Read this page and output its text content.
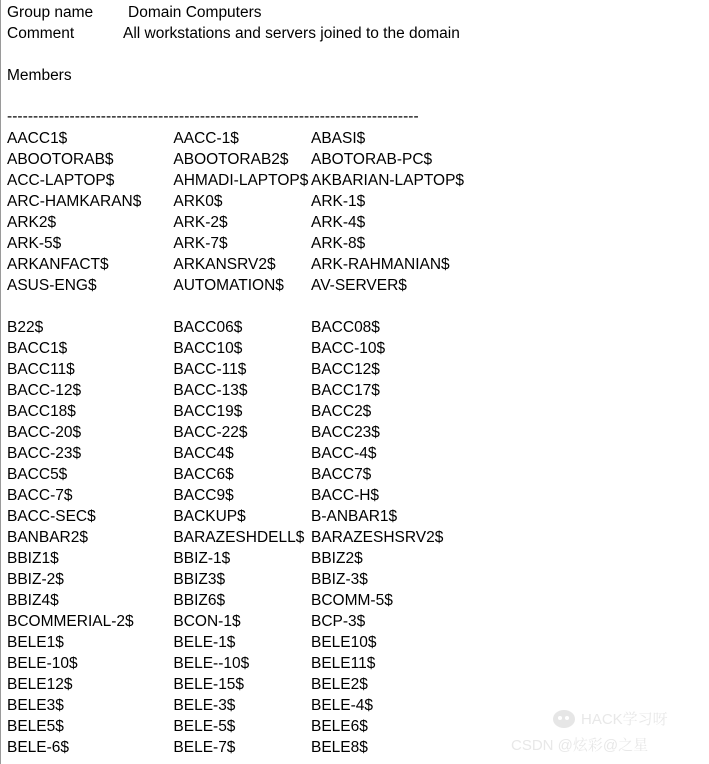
Group name Domain Computers
Comment	All workstations and servers joined to the domain
Members
-------------------------------------------------------------------------------
AACC1$	AACC-1$	ABASI$
ABOOTORAB$	ABOOTORAB2$ ABOTORAB-PC$
ACC-LAPTOP$	AHMADI-LAPTOP$ AKBARIAN-LAPTOP$
ARC-HAMKARAN$ ARK0$	ARK-1$
ARK2$	ARK-2$	ARK-4$
ARK-5$	ARK-7$	ARK-8$
ARKANFACT$	ARKANSRV2$ ARK-RAHMANIAN$
ASUS-ENG$	AUTOMATION$ AV-SERVER$
B22$	BACC06$	BACC08$
BACC1$	BACC10$	BACC-10$
BACC11$	BACC-11$	BACC12$
BACC-12$	BACC-13$	BACC17$
BACC18$	BACC19$	BACC2$
BACC-20$	BACC-22$	BACC23$
BACC-23$	BACC4$	BACC-4$
BACC5$	BACC6$	BACC7$
BACC-7$	BACC9$	BACC-H$
BACC-SEC$	BACKUP$	B-ANBAR1$
BANBAR2$	BARAZESHDELL$ BARAZESHSRV2$
BBIZ1$	BBIZ-1$	BBIZ2$
BBIZ-2$	BBIZ3$	BBIZ-3$
BBIZ4$	BBIZ6$	BCOMM-5$
BCOMMERIAL-2$	BCON-1$	BCP-3$
BELE1$	BELE-1$	BELE10$
BELE-10$	BELE--10$	BELE11$
BELE12$	BELE-15$	BELE2$
BELE3$	BELE-3$	BELE-4$
BELE5$	BELE-5$	BELE6$
BELE-6$	BELE-7$	BELE8$
HACK学习呀
CSDN @炫彩@之星
